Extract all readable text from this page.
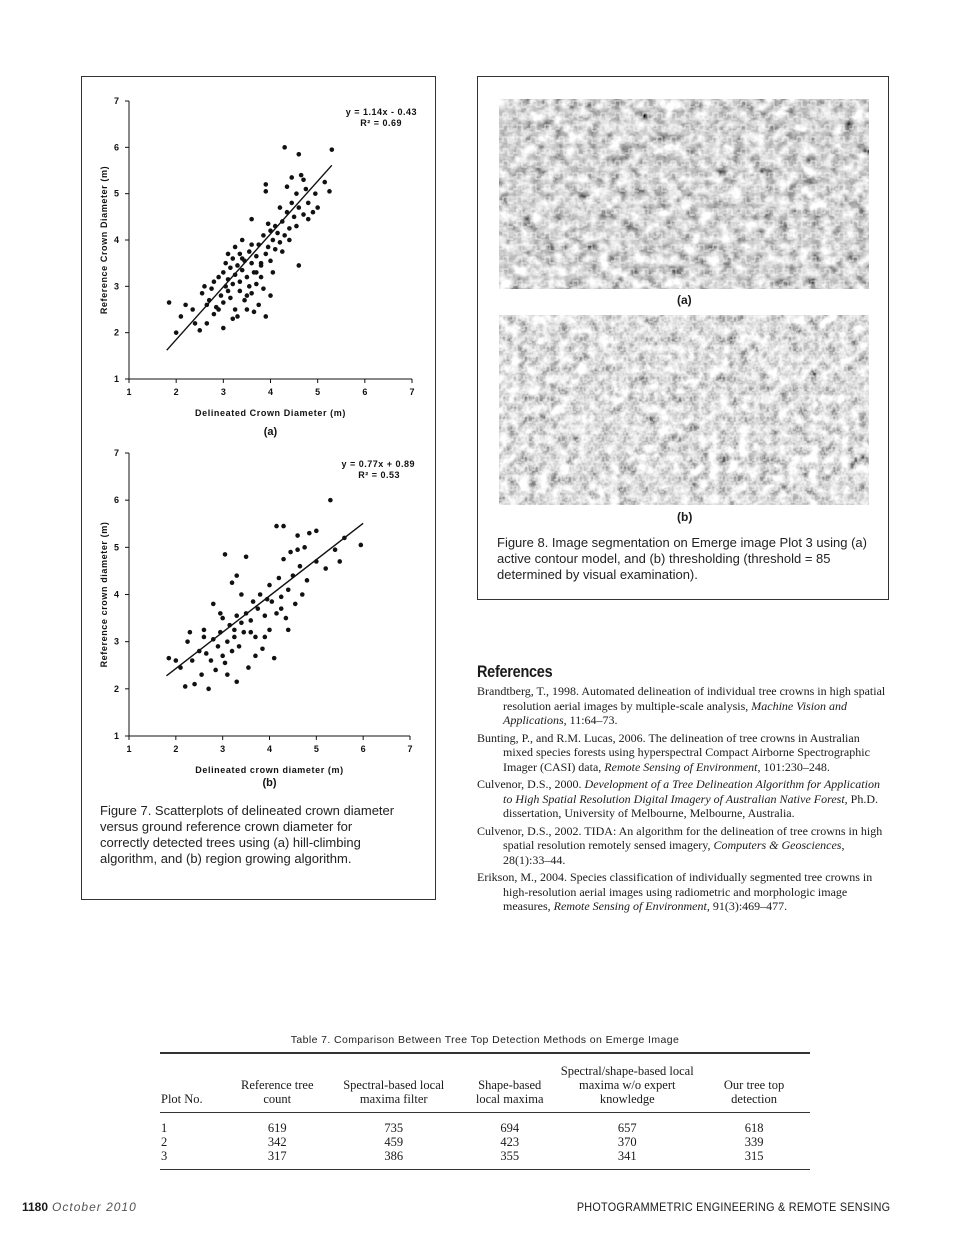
1	2	3	4	5	6	7
1
2
3
4
5
6
7
Delineated Crown Diameter (m)
Reference Crown Diameter (m)
(a)
y = 1.14x - 0.43
R² = 0.69
1	2	3	4	5	6	7
1
2
3
4
5
6
7
Delineated crown diameter (m)
Reference crown diameter (m)
(b)
y = 0.77x + 0.89
R² = 0.53
Figure 7. Scatterplots of delineated crown diameter versus ground reference crown diameter for correctly detected trees using (a) hill-climbing algorithm, and (b) region growing algorithm.
(a)
(b)
Figure 8. Image segmentation on Emerge image Plot 3 using (a) active contour model, and (b) thresholding (threshold = 85 determined by visual examination).
References
Brandtberg, T., 1998. Automated delineation of individual tree crowns in high spatial resolution aerial images by multiple-scale analysis, Machine Vision and Applications, 11:64–73.
Bunting, P., and R.M. Lucas, 2006. The delineation of tree crowns in Australian mixed species forests using hyperspectral Compact Airborne Spectrographic Imager (CASI) data, Remote Sensing of Environment, 101:230–248.
Culvenor, D.S., 2000. Development of a Tree Delineation Algorithm for Application to High Spatial Resolution Digital Imagery of Australian Native Forest, Ph.D. dissertation, University of Melbourne, Melbourne, Australia.
Culvenor, D.S., 2002. TIDA: An algorithm for the delineation of tree crowns in high spatial resolution remotely sensed imagery, Computers & Geosciences, 28(1):33–44.
Erikson, M., 2004. Species classification of individually segmented tree crowns in high-resolution aerial images using radiometric and morphologic image measures, Remote Sensing of Environment, 91(3):469–477.
Table 7. Comparison Between Tree Top Detection Methods on Emerge Image
Plot No.	Reference tree count	Spectral-based local maxima filter	Shape-based local maxima	Spectral/shape-based local maxima w/o expert knowledge	Our tree top detection
1	619	735	694	657	618
2	342	459	423	370	339
3	317	386	355	341	315
1180 October 2010	PHOTOGRAMMETRIC ENGINEERING & REMOTE SENSING
